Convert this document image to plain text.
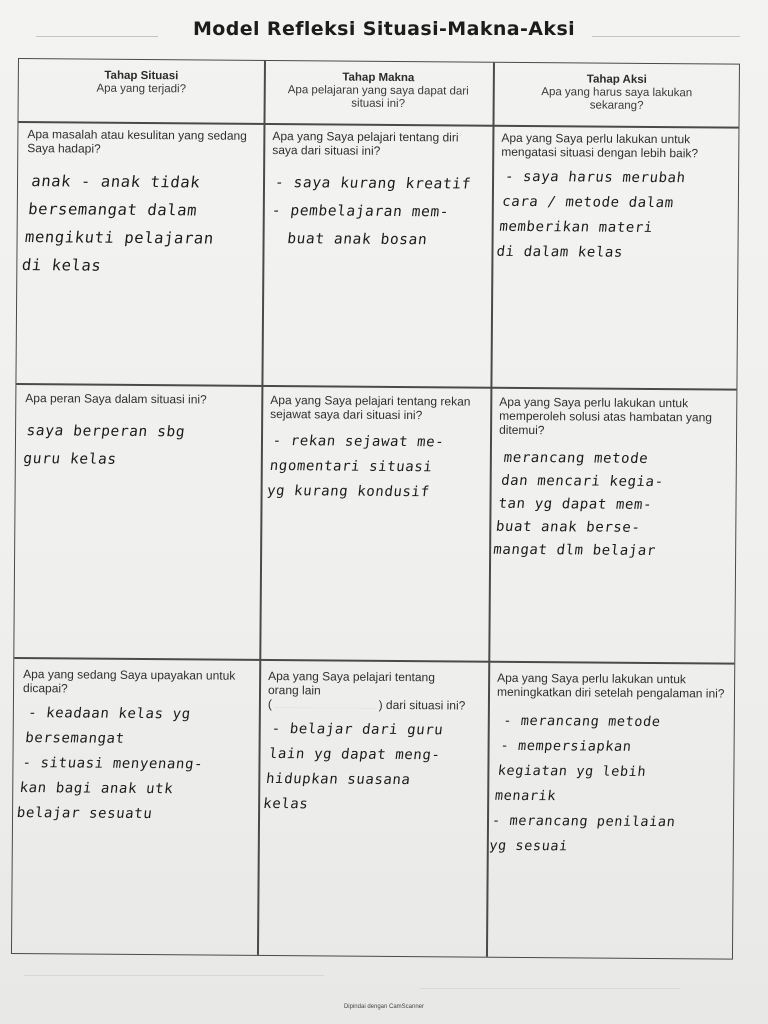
Model Refleksi Situasi-Makna-Aksi
Tahap Situasi
Apa yang terjadi?
Tahap Makna
Apa pelajaran yang saya dapat dari situasi ini?
Tahap Aksi
Apa yang harus saya lakukan sekarang?
Apa masalah atau kesulitan yang sedang Saya hadapi?
anak - anak tidak
bersemangat dalam
mengikuti pelajaran
di kelas
Apa yang Saya pelajari tentang diri saya dari situasi ini?
- saya kurang kreatif
- pembelajaran mem-
buat anak bosan
Apa yang Saya perlu lakukan untuk mengatasi situasi dengan lebih baik?
- saya harus merubah
cara / metode dalam
memberikan materi
di dalam kelas
Apa peran Saya dalam situasi ini?
saya berperan sbg
guru kelas
Apa yang Saya pelajari tentang rekan sejawat saya dari situasi ini?
- rekan sejawat me-
ngomentari situasi
yg kurang kondusif
Apa yang Saya perlu lakukan untuk memperoleh solusi atas hambatan yang ditemui?
merancang metode
dan mencari kegia-
tan yg dapat mem-
buat anak berse-
mangat dlm belajar
Apa yang sedang Saya upayakan untuk dicapai?
- keadaan kelas yg
bersemangat
- situasi menyenang-
kan bagi anak utk
belajar sesuatu
Apa yang Saya pelajari tentang
orang lain
(	) dari situasi ini?
- belajar dari guru
lain yg dapat meng-
hidupkan suasana
kelas
Apa yang Saya perlu lakukan untuk meningkatkan diri setelah pengalaman ini?
- merancang metode
- mempersiapkan
kegiatan yg lebih
menarik
- merancang penilaian
yg sesuai
Dipindai dengan CamScanner
